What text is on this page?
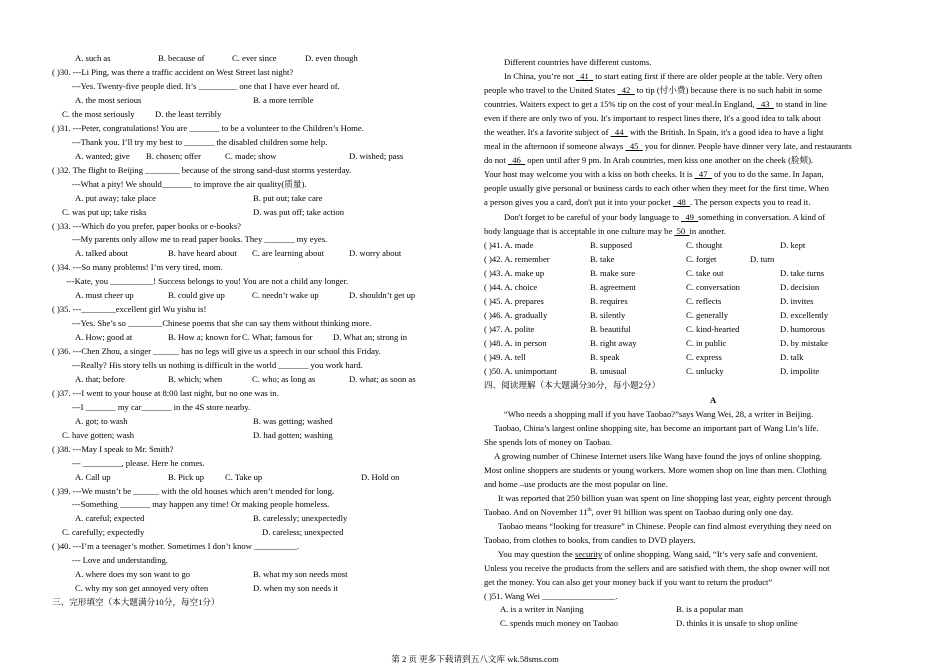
A. such as	B. because of	C. ever since	D. even though
( )30. ---Li Ping, was there a traffic accident on West Street last night?
---Yes. Twenty-five people died. It’s _________ one that I have ever heard of.
A. the most serious	B. a more terrible
C. the most seriously D. the least terribly
( )31. ---Peter, congratulations! You are _______ to be a volunteer to the Children’s Home.
---Thank you. I’ll try my best to _______ the disabled children some help.
A. wanted; give B. chosen; offer	C. made; show	D. wished; pass
( )32. The flight to Beijing ________ because of the strong sand-dust storms yesterday.
---What a pity! We should_______ to improve the air quality(质量).
A. put away; take place	B. put out; take care
C. was put up; take risks	D. was put off; take action
( )33. ---Which do you prefer, paper books or e-books?
---My parents only allow me to read paper books. They _______ my eyes.
A. talked about	B. have heard about C. are learning about	D. worry about
( )34. ---So many problems! I’m very tired, mom.
---Kate, you __________! Success belongs to you! You are not a child any longer.
A. must cheer up	B. could give up	C. needn’t wake up	D. shouldn’t get up
( )35. ---________excellent girl Wu yishu is!
---Yes. She’s so ________Chinese poems that she can say them without thinking more.
A. How; good at	B. How a; known for C. What; famous for D. What an; strong in
( )36. ---Chen Zhou, a singer ______ has no legs will give us a speech in our school this Friday.
---Really? His story tells us nothing is difficult in the world _______ you work hard.
A. that; before	B. which; when	C. who; as long as	D. what; as soon as
( )37. ---I went to your house at 8:00 last night, but no one was in.
---I _______ my car_______ in the 4S store nearby.
A. got; to wash	B. was getting; washed
C. have gotten; wash	D. had gotten; washing
( )38. ---May I speak to Mr. Smith?
--- _________, please. Here he comes.
A. Call up	B. Pick up C. Take up	D. Hold on
( )39. ---We mustn’t be ______ with the old houses which aren’t mended for long.
---Something _______ may happen any time! Or making people homeless.
A. careful; expected	B. carelessly; unexpectedly
C. carefully; expectedly	D. careless; unexpected
( )40. ---I’m a teenager’s mother. Sometimes I don’t know __________.
--- Love and understanding.
A. where does my son want to go	B. what my son needs most
C. why my son get annoyed very often	D. when my son needs it
三、完形填空（本大题满分10分，每空1分）
Different countries have different customs.
In China, you’re not 41 to start eating first if there are older people at the table. Very often
people who travel to the United States 42 to tip (付小费) because there is no such habit in some
countries. Waiters expect to get a 15% tip on the cost of your meal.In England, 43 to stand in line
even if there are only two of you. It's important to respect lines there, It's a good idea to talk about
the weather. It's a favorite subject of 44 with the British. In Spain, it's a good idea to have a light
meal in the afternoon if someone always 45 you for dinner. People have dinner very late, and restaurants
do not 46 open until after 9 pm. In Arab countries, men kiss one another on the cheek (脸颊).
Your host may welcome you with a kiss on both cheeks. It is 47 of you to do the same. In Japan,
people usually give personal or business cards to each other when they meet for the first time. When
a person gives you a card, don't put it into your pocket 48 . The person expects you to read it.
Don't forget to be careful of your body language to 49 something in conversation. A kind of
body language that is acceptable in one culture may be 50 in another.
( )41. A. made	B. supposed	C. thought	D. kept
( )42. A. remember	B. take	C. forget	D. turn
( )43. A. make up	B. make sure	C. take out	D. take turns
( )44. A. choice	B. agreement	C. conversation	D. decision
( )45. A. prepares	B. requires	C. reflects	D. invites
( )46. A. gradually	B. silently	C. generally	D. excellently
( )47. A. polite	B. beautiful	C. kind-hearted	D. humorous
( )48. A. in person	B. right away	C. in public	D. by mistake
( )49. A. tell	B. speak	C. express	D. talk
( )50. A. unimportant	B. unusual	C. unlucky	D. impolite
四、阅读理解（本大题满分30分，每小题2分）
A
“Who needs a shopping mall if you have Taobao?”says Wang Wei, 28, a writer in Beijing.
Taobao, China’s largest online shopping site, has become an important part of Wang Lin’s life.
She spends lots of money on Taobao.
A growing number of Chinese Internet users like Wang have found the joys of online shopping.
Most online shoppers are students or young workers. More women shop on line than men. Clothing
and home –use products are the most popular on line.
It was reported that 250 billion yuan was spent on line shopping last year, eighty percent through
Taobao. And on November 11th, over 91 billion was spent on Taobao during only one day.
Taobao means “looking for treasure” in Chinese. People can find almost everything they need on
Taobao, from clothes to books, from candies to DVD players.
You may question the security of online shopping. Wang said, “It’s very safe and convenient.
Unless you receive the products from the sellers and are satisfied with them, the shop owner will not
get the money. You can also get your money back if you want to return the product”
( )51. Wang Wei _________________.
A. is a writer in Nanjing	B. is a popular man
C. spends much money on Taobao	D. thinks it is unsafe to shop online
第 2 页 更多下载请到五八文库 wk.58sms.com
